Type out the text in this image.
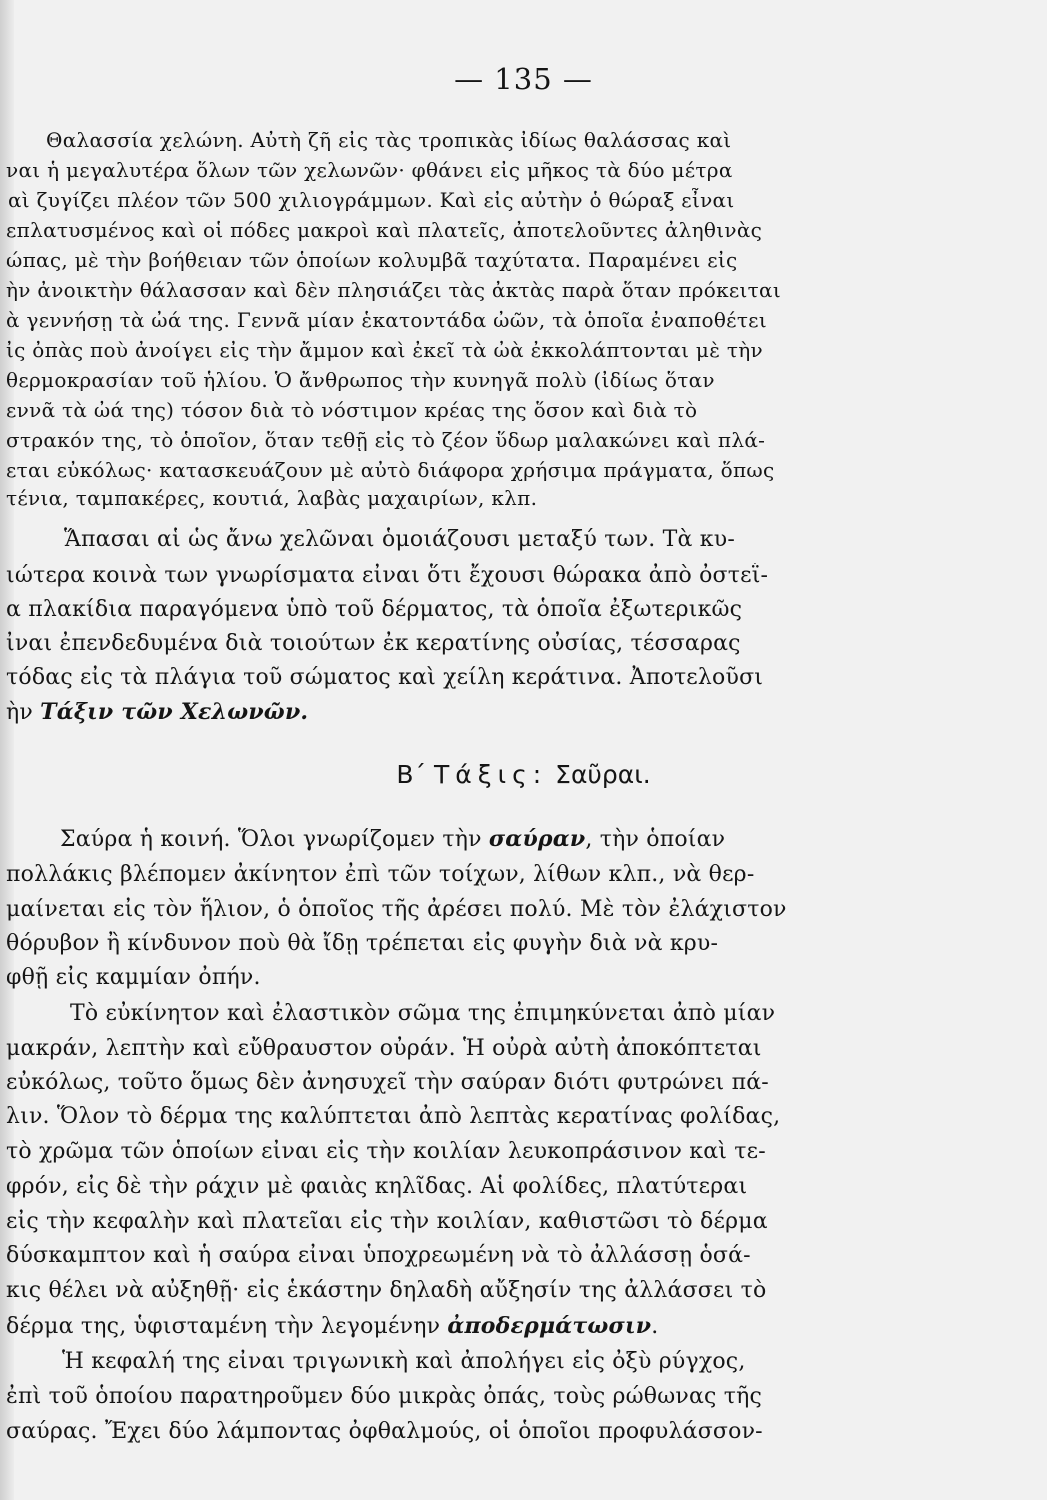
— 135 —
Θαλασσία χελώνη. Αὐτὴ ζῆ εἰς τὰς τροπικὰς ἰδίως θαλάσσας καὶ
ναι ἡ μεγαλυτέρα ὅλων τῶν χελωνῶν· φθάνει εἰς μῆκος τὰ δύο μέτρα
αὶ ζυγίζει πλέον τῶν 500 χιλιογράμμων. Καὶ εἰς αὐτὴν ὁ θώραξ εἶναι
επλατυσμένος καὶ οἱ πόδες μακροὶ καὶ πλατεῖς, ἀποτελοῦντες ἀληθινὰς
ώπας, μὲ τὴν βοήθειαν τῶν ὁποίων κολυμβᾶ ταχύτατα. Παραμένει εἰς
ὴν ἀνοικτὴν θάλασσαν καὶ δὲν πλησιάζει τὰς ἀκτὰς παρὰ ὅταν πρόκειται
ὰ γεννήσῃ τὰ ὠά της. Γεννᾶ μίαν ἑκατοντάδα ὠῶν, τὰ ὁποῖα ἐναποθέτει
ἰς ὀπὰς ποὺ ἀνοίγει εἰς τὴν ἄμμον καὶ ἐκεῖ τὰ ὠὰ ἐκκολάπτονται μὲ τὴν
θερμοκρασίαν τοῦ ἡλίου. Ὁ ἄνθρωπος τὴν κυνηγᾶ πολὺ (ἰδίως ὅταν
εννᾶ τὰ ὠά της) τόσον διὰ τὸ νόστιμον κρέας της ὅσον καὶ διὰ τὸ
στρακόν της, τὸ ὁποῖον, ὅταν τεθῇ εἰς τὸ ζέον ὕδωρ μαλακώνει καὶ πλά-
εται εὐκόλως· κατασκευάζουν μὲ αὐτὸ διάφορα χρήσιμα πράγματα, ὅπως
τένια, ταμπακέρες, κουτιά, λαβὰς μαχαιρίων, κλπ.
Ἅπασαι αἱ ὡς ἄνω χελῶναι ὁμοιάζουσι μεταξύ των. Τὰ κυ-
ιώτερα κοινὰ των γνωρίσματα εἶναι ὅτι ἔχουσι θώρακα ἀπὸ ὀστεΐ-
α πλακίδια παραγόμενα ὑπὸ τοῦ δέρματος, τὰ ὁποῖα ἐξωτερικῶς
ἶναι ἐπενδεδυμένα διὰ τοιούτων ἐκ κερατίνης οὐσίας, τέσσαρας
τόδας εἰς τὰ πλάγια τοῦ σώματος καὶ χείλη κεράτινα. Ἀποτελοῦσι
ὴν Τάξιν τῶν Χελωνῶν.
Β΄ Τάξις: Σαῦραι.
Σαύρα ἡ κοινή. Ὅλοι γνωρίζομεν τὴν σαύραν, τὴν ὁποίαν
πολλάκις βλέπομεν ἀκίνητον ἐπὶ τῶν τοίχων, λίθων κλπ., νὰ θερ-
μαίνεται εἰς τὸν ἥλιον, ὁ ὁποῖος τῆς ἀρέσει πολύ. Μὲ τὸν ἐλάχιστον
θόρυβον ἢ κίνδυνον ποὺ θὰ ἴδῃ τρέπεται εἰς φυγὴν διὰ νὰ κρυ-
φθῇ εἰς καμμίαν ὀπήν.
Τὸ εὐκίνητον καὶ ἐλαστικὸν σῶμα της ἐπιμηκύνεται ἀπὸ μίαν
μακράν, λεπτὴν καὶ εὔθραυστον οὐράν. Ἡ οὐρὰ αὐτὴ ἀποκόπτεται
εὐκόλως, τοῦτο ὅμως δὲν ἀνησυχεῖ τὴν σαύραν διότι φυτρώνει πά-
λιν. Ὅλον τὸ δέρμα της καλύπτεται ἀπὸ λεπτὰς κερατίνας φολίδας,
τὸ χρῶμα τῶν ὁποίων εἶναι εἰς τὴν κοιλίαν λευκοπράσινον καὶ τε-
φρόν, εἰς δὲ τὴν ράχιν μὲ φαιὰς κηλῖδας. Αἱ φολίδες, πλατύτεραι
εἰς τὴν κεφαλὴν καὶ πλατεῖαι εἰς τὴν κοιλίαν, καθιστῶσι τὸ δέρμα
δύσκαμπτον καὶ ἡ σαύρα εἶναι ὑποχρεωμένη νὰ τὸ ἀλλάσσῃ ὁσά-
κις θέλει νὰ αὐξηθῇ· εἰς ἑκάστην δηλαδὴ αὔξησίν της ἀλλάσσει τὸ
δέρμα της, ὑφισταμένη τὴν λεγομένην ἀποδερμάτωσιν.
Ἡ κεφαλή της εἶναι τριγωνικὴ καὶ ἀπολήγει εἰς ὀξὺ ρύγχος,
ἐπὶ τοῦ ὁποίου παρατηροῦμεν δύο μικρὰς ὀπάς, τοὺς ρώθωνας τῆς
σαύρας. Ἔχει δύο λάμποντας ὀφθαλμούς, οἱ ὁποῖοι προφυλάσσον-
